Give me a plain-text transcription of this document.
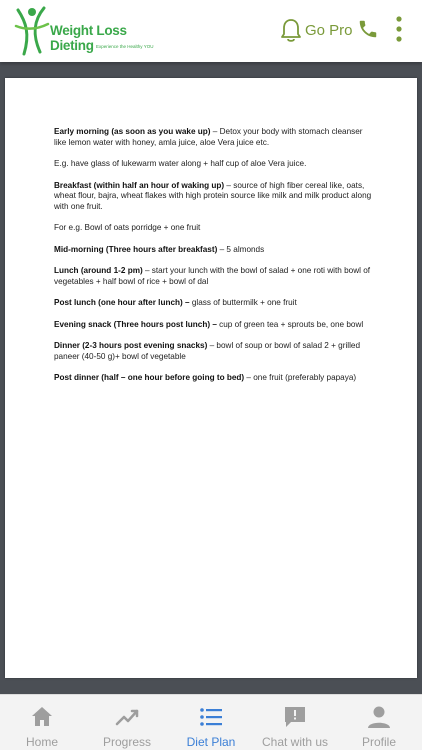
Weight Loss Dieting Experience the Healthy YOU
Go Pro

Early morning (as soon as you wake up) – Detox your body with stomach cleanser like lemon water with honey, amla juice, aloe Vera juice etc.

E.g. have glass of lukewarm water along + half cup of aloe Vera juice.

Breakfast (within half an hour of waking up) – source of high fiber cereal like, oats, wheat flour, bajra, wheat flakes with high protein source like milk and milk product along with one fruit.

For e.g. Bowl of oats porridge + one fruit

Mid-morning (Three hours after breakfast) – 5 almonds

Lunch (around 1-2 pm) – start your lunch with the bowl of salad + one roti with bowl of vegetables + half bowl of rice + bowl of dal

Post lunch (one hour after lunch) – glass of buttermilk + one fruit

Evening snack (Three hours post lunch) – cup of green tea + sprouts be, one bowl

Dinner (2-3 hours post evening snacks) – bowl of soup or bowl of salad 2 + grilled paneer (40-50 g)+ bowl of vegetable

Post dinner (half – one hour before going to bed) – one fruit (preferably papaya)

Home	Progress	Diet Plan Chat with us	Profile
